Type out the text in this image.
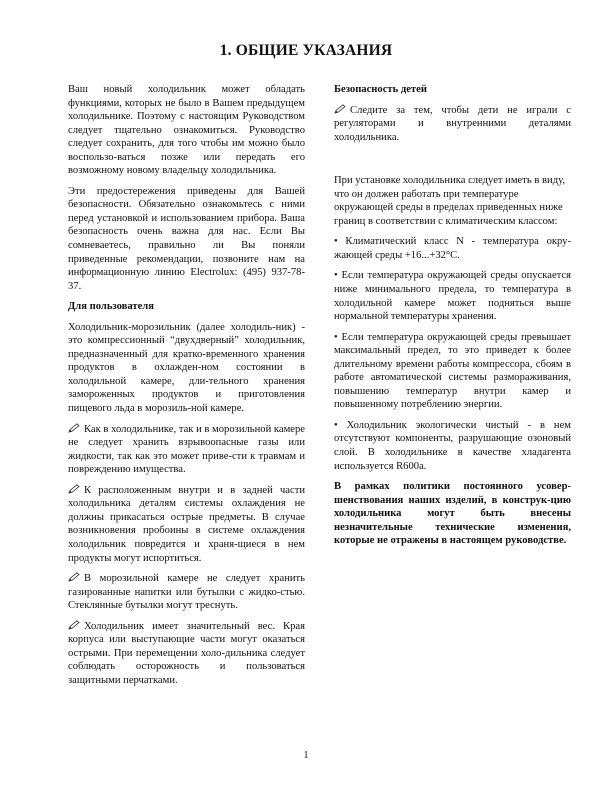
1. ОБЩИЕ УКАЗАНИЯ

Ваш новый холодильник может обладать функциями, которых не было в Вашем предыдущем холодильнике. Поэтому с настоящим Руководством следует тщательно ознакомиться. Руководство следует сохранить, для того чтобы им можно было воспользо-ваться позже или передать его возможному новому владельцу холодильника.

Эти предостережения приведены для Вашей безопасности. Обязательно ознакомьтесь с ними перед установкой и использованием прибора. Ваша безопасность очень важна для нас. Если Вы сомневаетесь, правильно ли Вы поняли приведенные рекомендации, позвоните нам на информационную линию Electrolux: (495) 937-78-37.

Для пользователя

Холодильник-морозильник (далее холодиль-ник) - это компрессионный “двухдверный” холодильник, предназначенный для кратко-временного хранения продуктов в охлажден-ном состоянии в холодильной камере, дли-тельного хранения замороженных продуктов и приготовления пищевого льда в морозиль-ной камере.

Как в холодильнике, так и в морозильной камере не следует хранить взрывоопасные газы или жидкости, так как это может приве-сти к травмам и повреждению имущества.

К расположенным внутри и в задней части холодильника деталям системы охлаждения не должны прикасаться острые предметы. В случае возникновения пробоины в системе охлаждения холодильник повредится и храня-щиеся в нем продукты могут испортиться.

В морозильной камере не следует хранить газированные напитки или бутылки с жидко-стью. Стеклянные бутылки могут треснуть.

Холодильник имеет значительный вес. Края корпуса или выступающие части могут оказаться острыми. При перемещении холо-дильника следует соблюдать осторожность и пользоваться защитными перчатками.

Безопасность детей

Следите за тем, чтобы дети не играли с регуляторами и внутренними деталями холодильника.

При установке холодильника следует иметь в виду, что он должен работать при температуре окружающей среды в пределах приведенных ниже границ в соответствии с климатическим классом:

• Климатический класс N - температура окру-жающей среды +16...+32°С.

• Если температура окружающей среды опускается ниже минимального предела, то температура в холодильной камере может подняться выше нормальной температуры хранения.

• Если температура окружающей среды превышает максимальный предел, то это приведет к более длительному времени работы компрессора, сбоям в работе автоматической системы размораживания, повышению температур внутри камер и повышенному потреблению энергии.

• Холодильник экологически чистый - в нем отсутствуют компоненты, разрушающие озоновый слой. В холодильнике в качестве хладагента используется R600а.

В рамках политики постоянного усовер-шенствования наших изделий, в конструк-цию холодильника могут быть внесены незначительные технические изменения, которые не отражены в настоящем руководстве.

1
